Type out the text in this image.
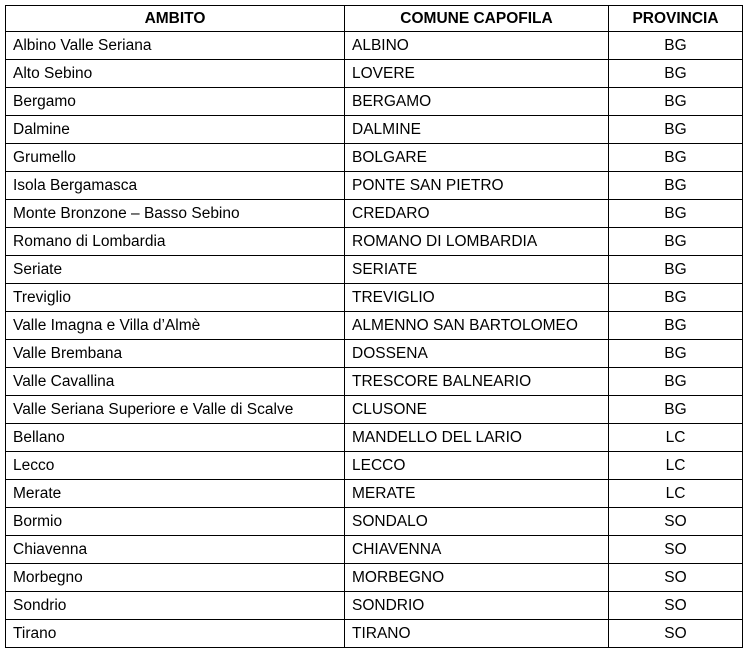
AMBITO	COMUNE CAPOFILA	PROVINCIA
Albino Valle Seriana	ALBINO	BG
Alto Sebino	LOVERE	BG
Bergamo	BERGAMO	BG
Dalmine	DALMINE	BG
Grumello	BOLGARE	BG
Isola Bergamasca	PONTE SAN PIETRO	BG
Monte Bronzone – Basso Sebino	CREDARO	BG
Romano di Lombardia	ROMANO DI LOMBARDIA	BG
Seriate	SERIATE	BG
Treviglio	TREVIGLIO	BG
Valle Imagna e Villa d’Almè	ALMENNO SAN BARTOLOMEO	BG
Valle Brembana	DOSSENA	BG
Valle Cavallina	TRESCORE BALNEARIO	BG
Valle Seriana Superiore e Valle di Scalve	CLUSONE	BG
Bellano	MANDELLO DEL LARIO	LC
Lecco	LECCO	LC
Merate	MERATE	LC
Bormio	SONDALO	SO
Chiavenna	CHIAVENNA	SO
Morbegno	MORBEGNO	SO
Sondrio	SONDRIO	SO
Tirano	TIRANO	SO
